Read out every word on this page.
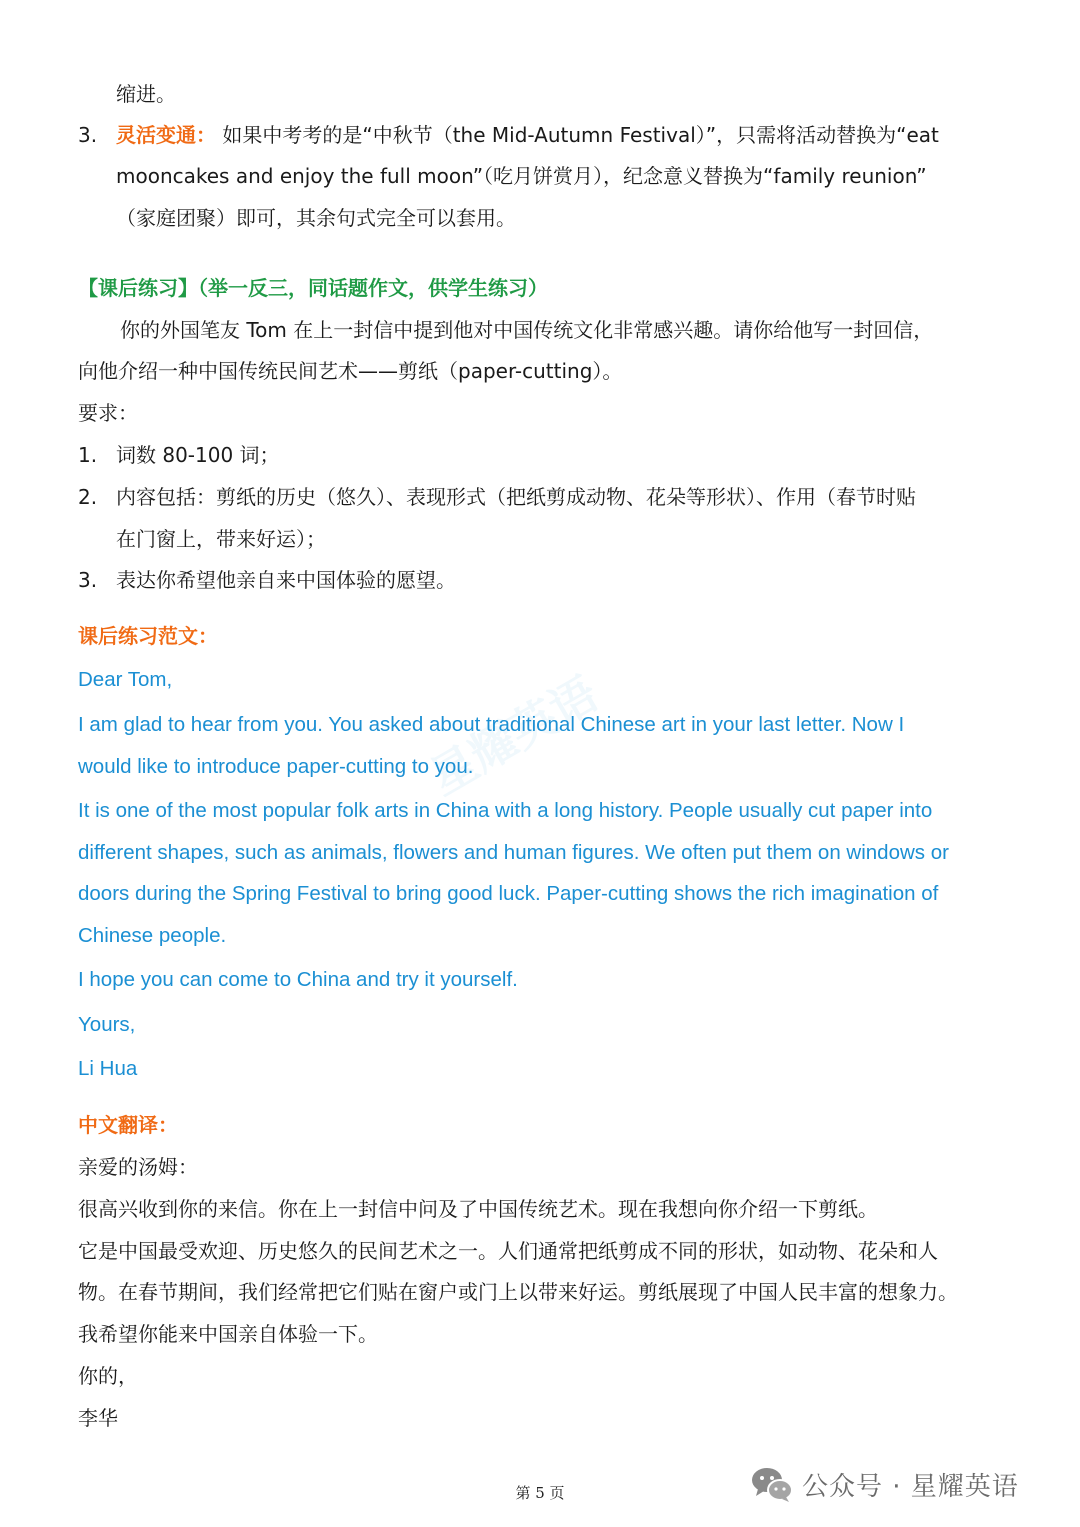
星耀英语
缩进。
3. 灵活变通： 如果中考考的是“中秋节（the Mid-Autumn Festival）”，只需将活动替换为“eat
mooncakes and enjoy the full moon”（吃月饼赏月），纪念意义替换为“family reunion”
（家庭团聚）即可，其余句式完全可以套用。
【课后练习】（举一反三，同话题作文，供学生练习）
你的外国笔友 Tom 在上一封信中提到他对中国传统文化非常感兴趣。请你给他写一封回信，
向他介绍一种中国传统民间艺术——剪纸（paper-cutting）。
要求：
1. 词数 80-100 词；
2. 内容包括：剪纸的历史（悠久）、表现形式（把纸剪成动物、花朵等形状）、作用（春节时贴
在门窗上，带来好运）；
3. 表达你希望他亲自来中国体验的愿望。
课后练习范文：
Dear Tom,
I am glad to hear from you. You asked about traditional Chinese art in your last letter. Now I
would like to introduce paper-cutting to you.
It is one of the most popular folk arts in China with a long history. People usually cut paper into
different shapes, such as animals, flowers and human figures. We often put them on windows or
doors during the Spring Festival to bring good luck. Paper-cutting shows the rich imagination of
Chinese people.
I hope you can come to China and try it yourself.
Yours,
Li Hua
中文翻译：
亲爱的汤姆：
很高兴收到你的来信。你在上一封信中问及了中国传统艺术。现在我想向你介绍一下剪纸。
它是中国最受欢迎、历史悠久的民间艺术之一。人们通常把纸剪成不同的形状，如动物、花朵和人
物。在春节期间，我们经常把它们贴在窗户或门上以带来好运。剪纸展现了中国人民丰富的想象力。
我希望你能来中国亲自体验一下。
你的，
李华
第 5 页	公众号 · 星耀英语
